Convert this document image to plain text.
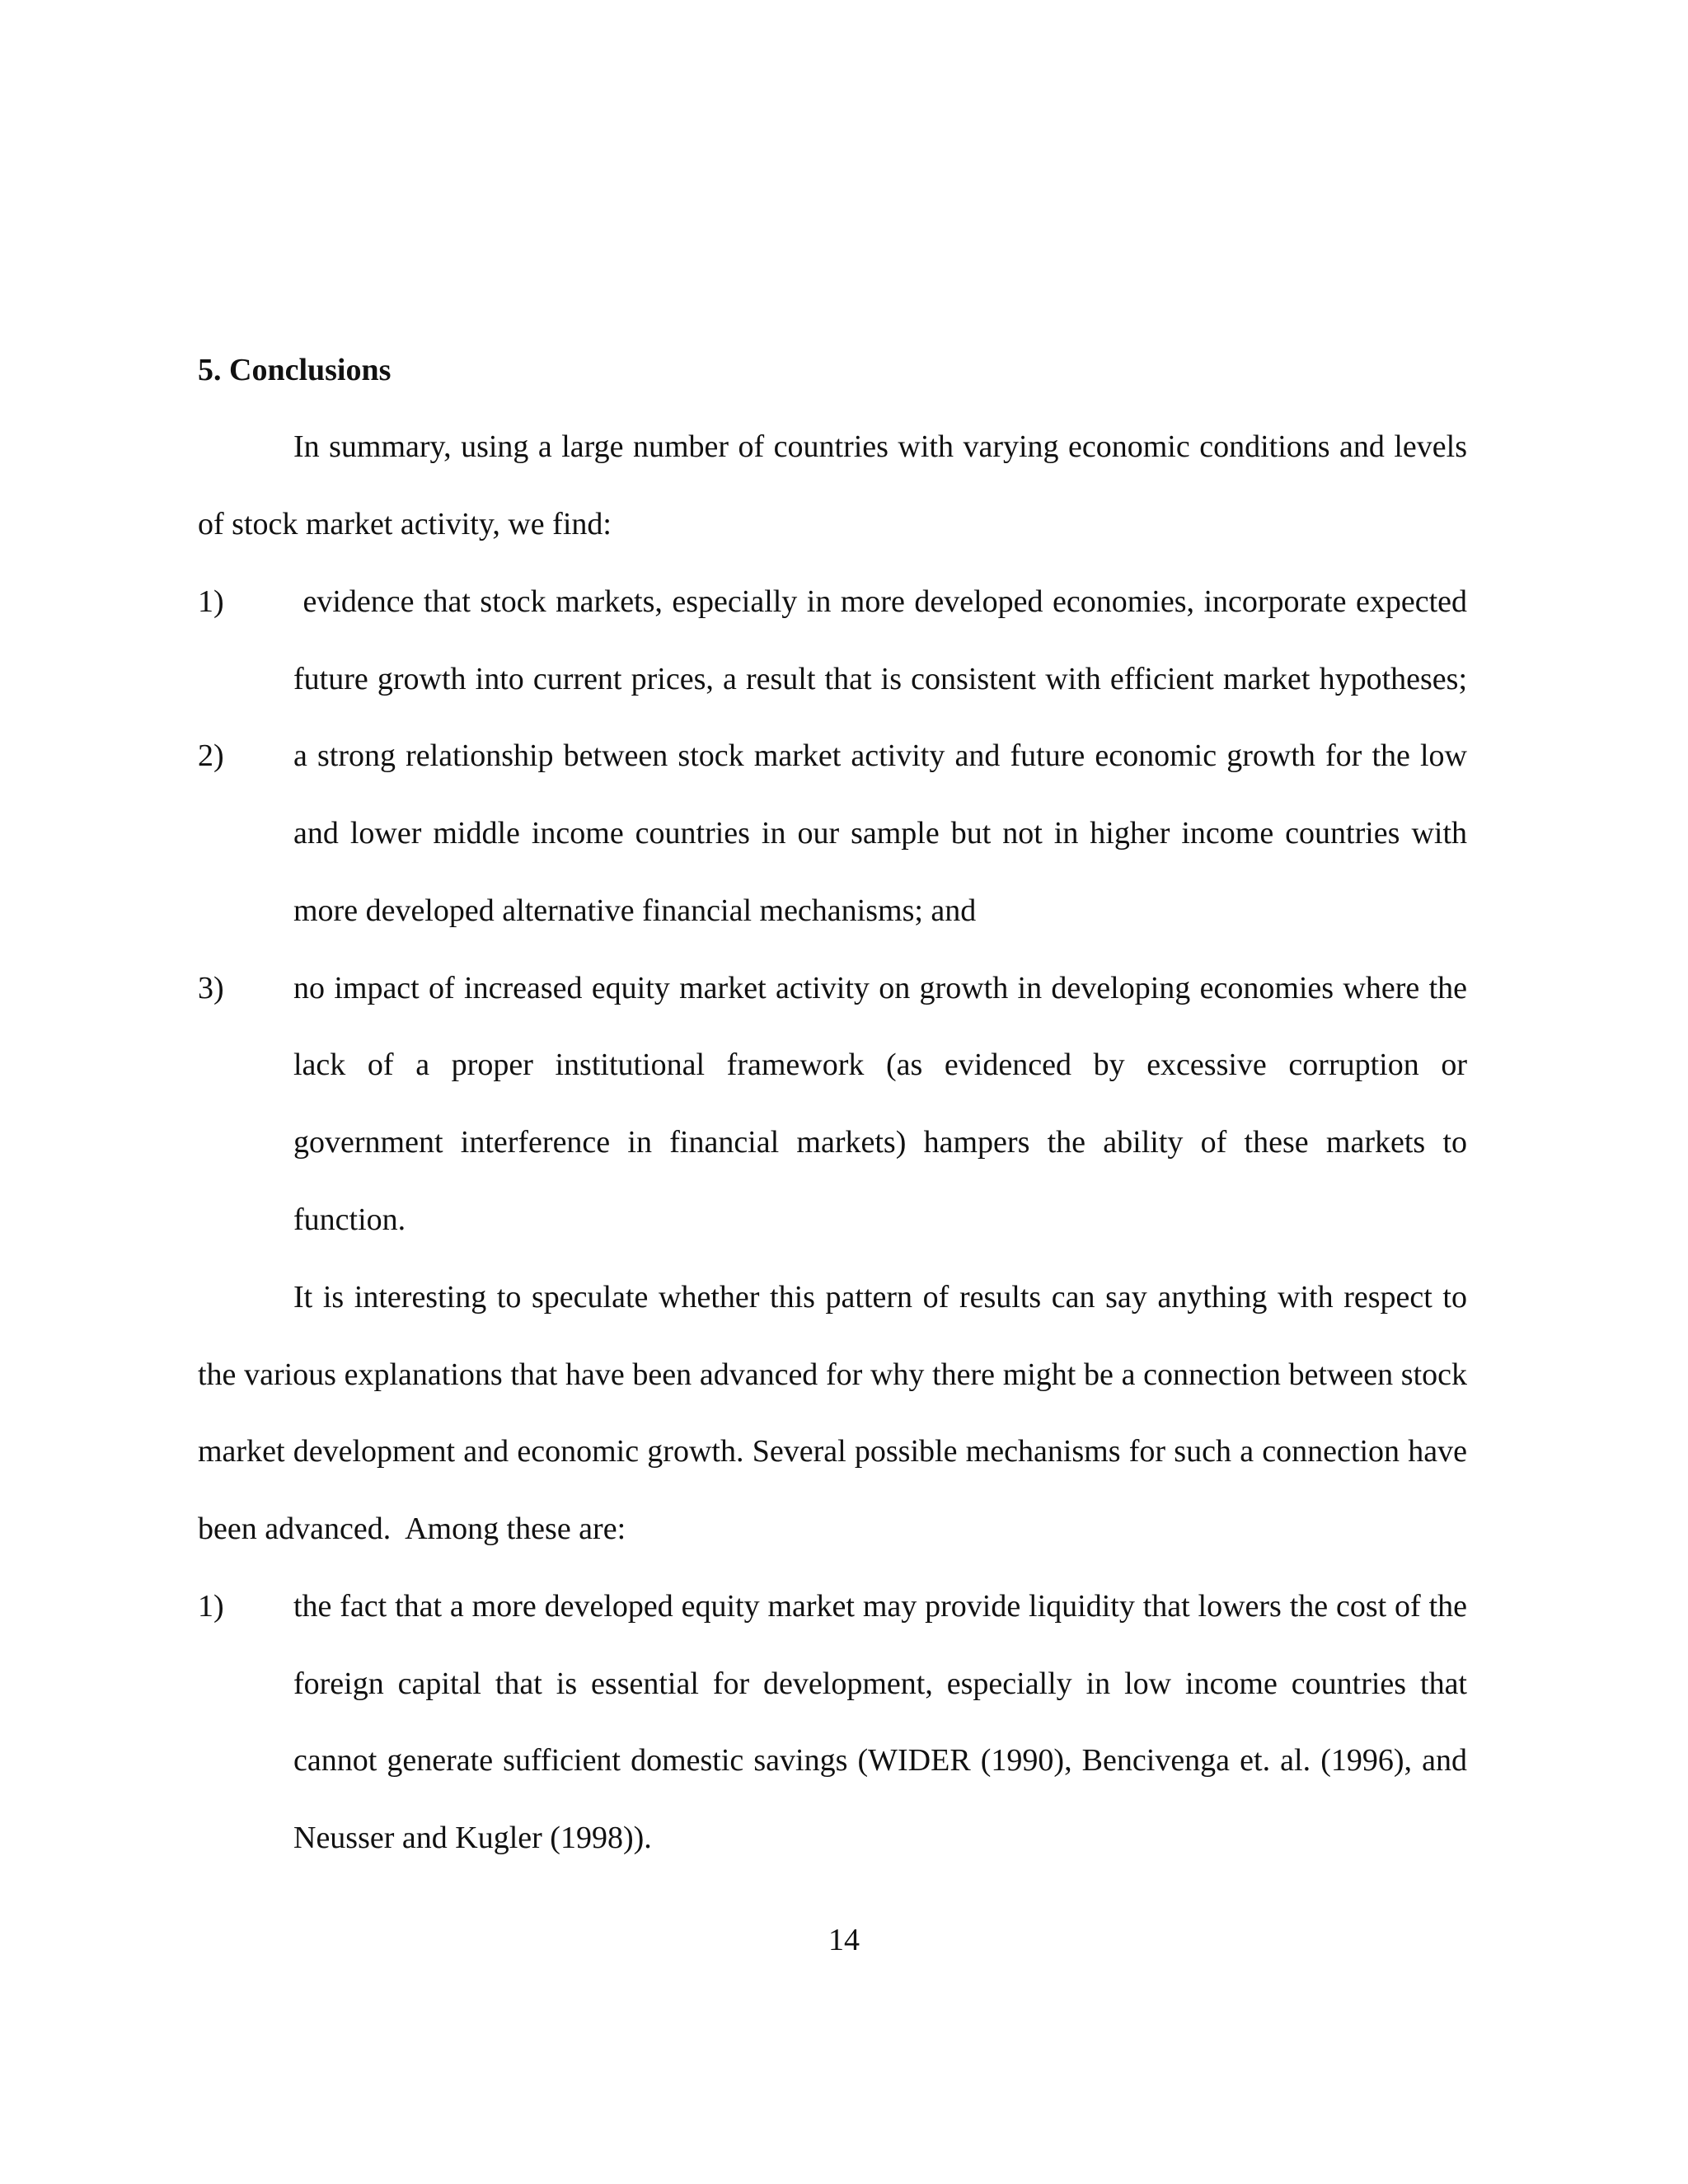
5. Conclusions
In summary, using a large number of countries with varying economic conditions and levels
of stock market activity, we find:
1) evidence that stock markets, especially in more developed economies, incorporate expected
future growth into current prices, a result that is consistent with efficient market hypotheses;
2) a strong relationship between stock market activity and future economic growth for the low
and lower middle income countries in our sample but not in higher income countries with
more developed alternative financial mechanisms; and
3) no impact of increased equity market activity on growth in developing economies where the
lack of a proper institutional framework (as evidenced by excessive corruption or
government interference in financial markets) hampers the ability of these markets to
function.
It is interesting to speculate whether this pattern of results can say anything with respect to
the various explanations that have been advanced for why there might be a connection between stock
market development and economic growth. Several possible mechanisms for such a connection have
been advanced.  Among these are:
1) the fact that a more developed equity market may provide liquidity that lowers the cost of the
foreign capital that is essential for development, especially in low income countries that
cannot generate sufficient domestic savings (WIDER (1990), Bencivenga et. al. (1996), and
Neusser and Kugler (1998)).
14
